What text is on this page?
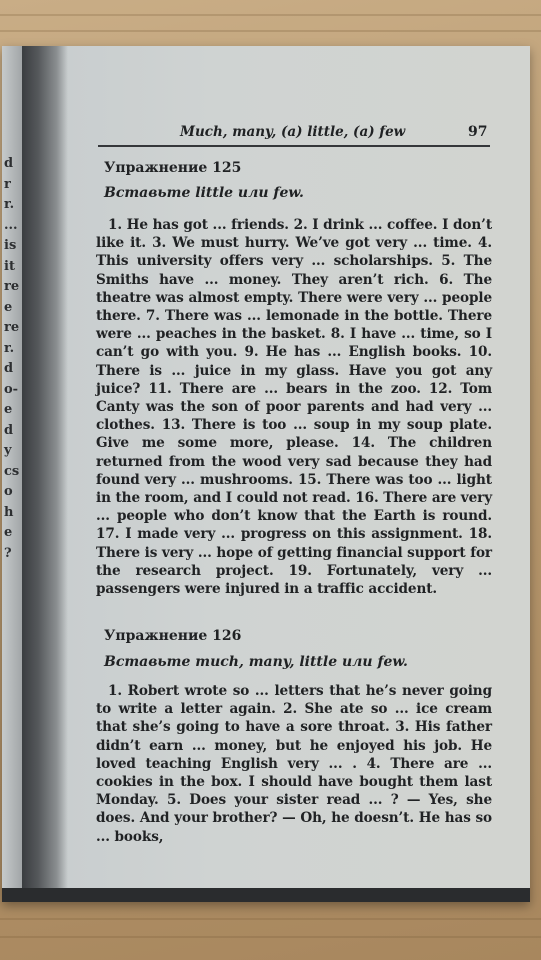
d
r
r.
...
is
it
re
e
re
r.
d
o-
e
d
y
cs
o
h
e
?
Much, many, (a) little, (a) few	97
Упражнение 125
Вставьте little или few.
1. He has got ... friends. 2. I drink ... coffee. I don’t like it. 3. We must hurry. We’ve got very ... time. 4. This university offers very ... scholarships. 5. The Smiths have ... money. They aren’t rich. 6. The theatre was almost empty. There were very ... people there. 7. There was ... lemonade in the bottle. There were ... peaches in the basket. 8. I have ... time, so I can’t go with you. 9. He has ... English books. 10. There is ... juice in my glass. Have you got any juice? 11. There are ... bears in the zoo. 12. Tom Canty was the son of poor parents and had very ... clothes. 13. There is too ... soup in my soup plate. Give me some more, please. 14. The children returned from the wood very sad because they had found very ... mushrooms. 15. There was too ... light in the room, and I could not read. 16. There are very ... people who don’t know that the Earth is round. 17. I made very ... progress on this assignment. 18. There is very ... hope of getting financial support for the research project. 19. Fortunately, very ... passengers were injured in a traffic accident.
Упражнение 126
Вставьте much, many, little или few.
1. Robert wrote so ... letters that he’s never going to write a letter again. 2. She ate so ... ice cream that she’s going to have a sore throat. 3. His father didn’t earn ... money, but he enjoyed his job. He loved teaching English very ... . 4. There are ... cookies in the box. I should have bought them last Monday. 5. Does your sister read ... ? — Yes, she does. And your brother? — Oh, he doesn’t. He has so ... books,
